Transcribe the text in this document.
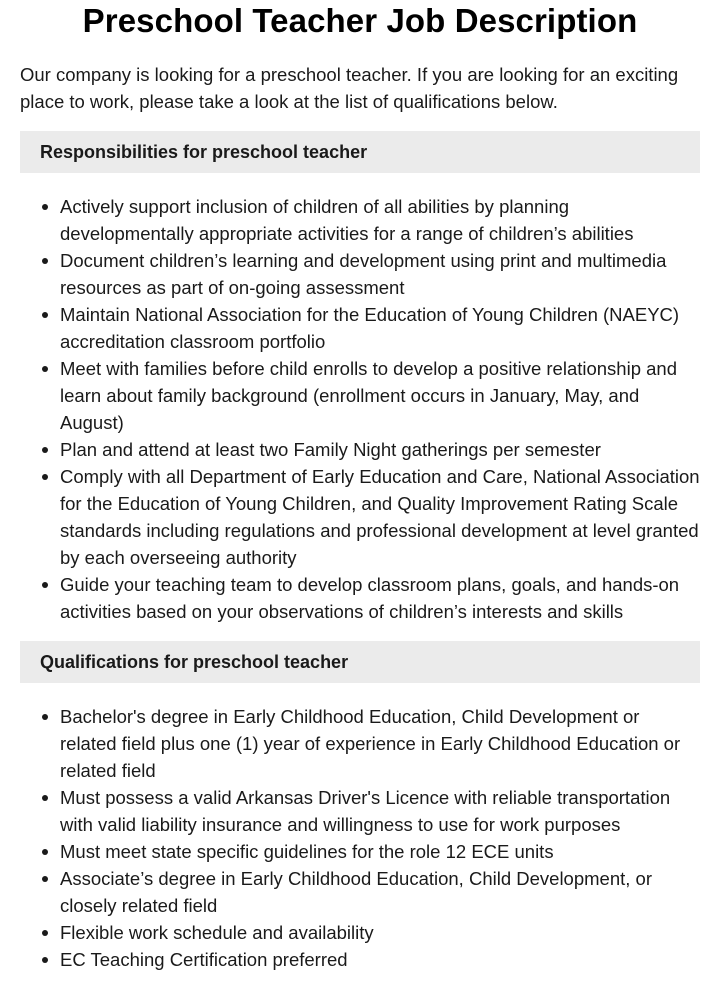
Preschool Teacher Job Description

Our company is looking for a preschool teacher. If you are looking for an exciting place to work, please take a look at the list of qualifications below.

Responsibilities for preschool teacher
Actively support inclusion of children of all abilities by planning developmentally appropriate activities for a range of children’s abilities
Document children’s learning and development using print and multimedia resources as part of on-going assessment
Maintain National Association for the Education of Young Children (NAEYC) accreditation classroom portfolio
Meet with families before child enrolls to develop a positive relationship and learn about family background (enrollment occurs in January, May, and August)
Plan and attend at least two Family Night gatherings per semester
Comply with all Department of Early Education and Care, National Association for the Education of Young Children, and Quality Improvement Rating Scale standards including regulations and professional development at level granted by each overseeing authority
Guide your teaching team to develop classroom plans, goals, and hands-on activities based on your observations of children’s interests and skills
Qualifications for preschool teacher
Bachelor's degree in Early Childhood Education, Child Development or related field plus one (1) year of experience in Early Childhood Education or related field
Must possess a valid Arkansas Driver's Licence with reliable transportation with valid liability insurance and willingness to use for work purposes
Must meet state specific guidelines for the role 12 ECE units
Associate’s degree in Early Childhood Education, Child Development, or closely related field
Flexible work schedule and availability
EC Teaching Certification preferred
